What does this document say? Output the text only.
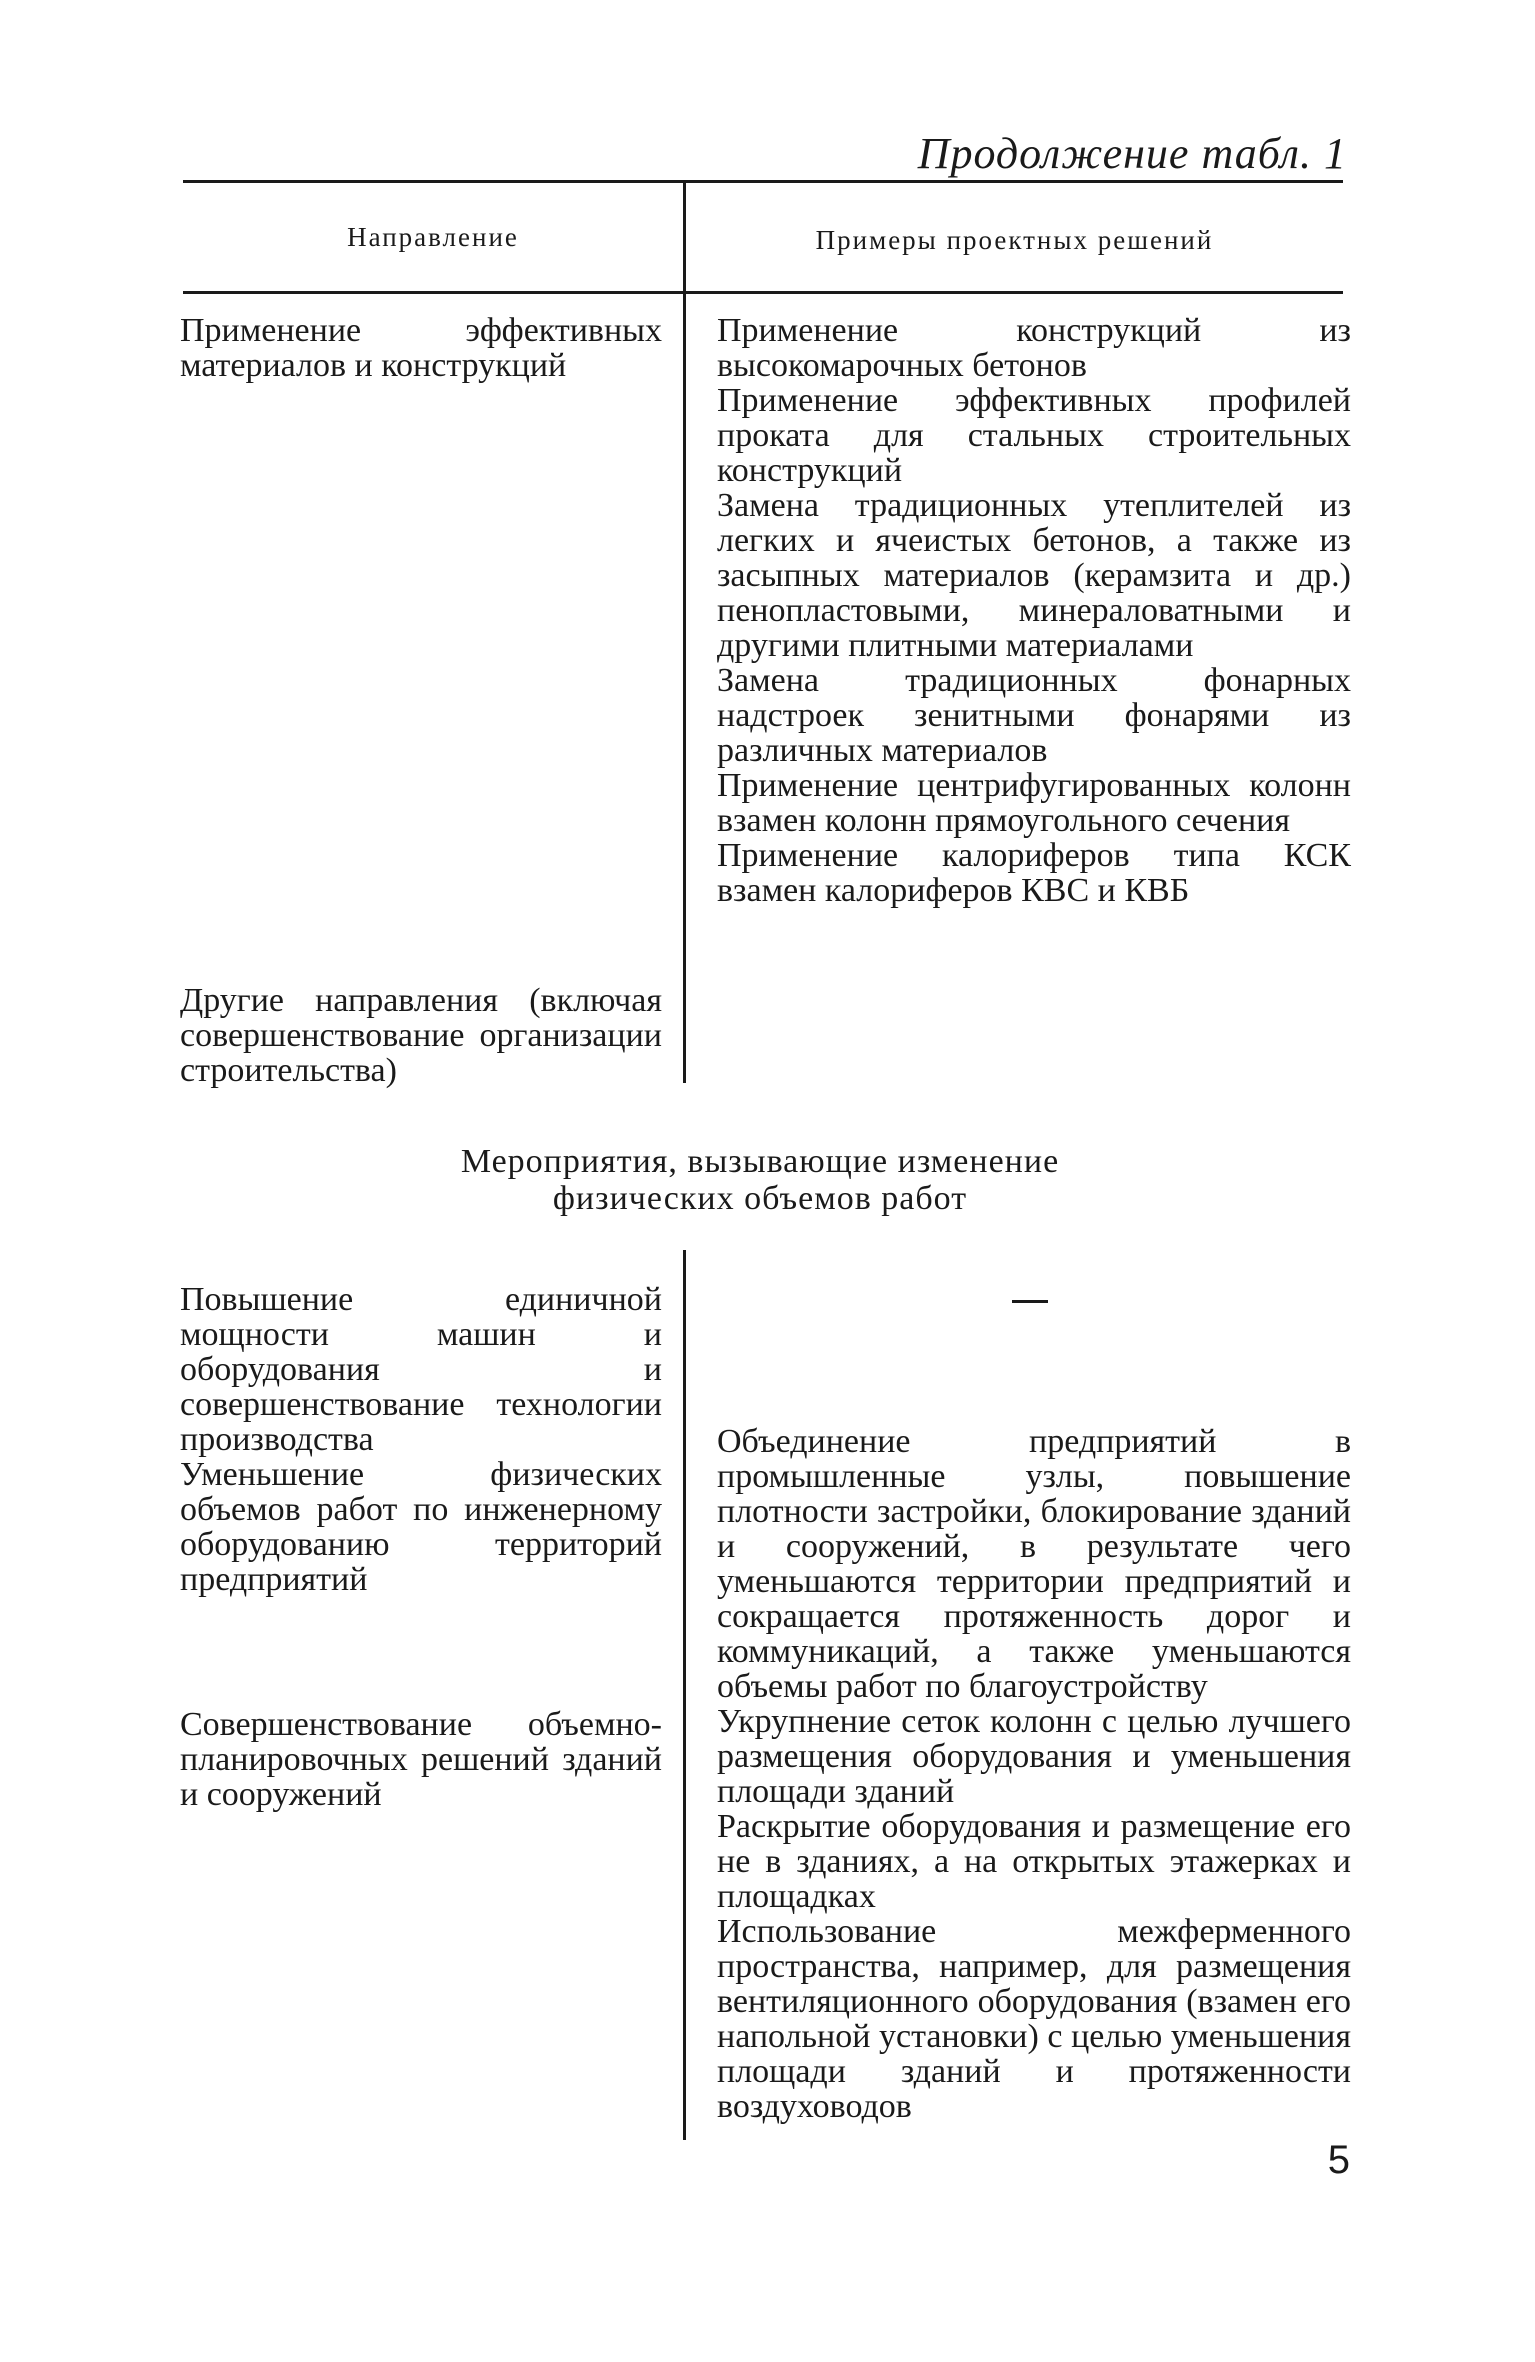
Продолжение табл. 1
Направление	Примеры проектных решений

Применение эффективных материалов и конструкций

Другие направления (включая совершенствование организации строительства)

Применение конструкций из высокомарочных бетонов

Применение эффективных профилей проката для стальных строительных конструкций

Замена традиционных утеплителей из легких и ячеистых бетонов, а также из засыпных материалов (керамзита и др.) пенопластовыми, минераловатными и другими плитными материалами

Замена традиционных фонарных надстроек зенитными фонарями из различных материалов

Применение центрифугированных колонн взамен колонн прямоугольного сечения

Применение калориферов типа КСК взамен калориферов КВС и КВБ

Мероприятия, вызывающие изменение физических объемов работ

Повышение единичной мощности машин и оборудования и совершенствование технологии производства

Уменьшение физических объемов работ по инженерному оборудованию территорий предприятий

Совершенствование объемно-планировочных решений зданий и сооружений

Объединение предприятий в промышленные узлы, повышение плотности застройки, блокирование зданий и сооружений, в результате чего уменьшаются территории предприятий и сокращается протяженность дорог и коммуникаций, а также уменьшаются объемы работ по благоустройству

Укрупнение сеток колонн с целью лучшего размещения оборудования и уменьшения площади зданий

Раскрытие оборудования и размещение его не в зданиях, а на открытых этажерках и площадках

Использование межферменного пространства, например, для размещения вентиляционного оборудования (взамен его напольной установки) с целью уменьшения площади зданий и протяженности воздуховодов

5
